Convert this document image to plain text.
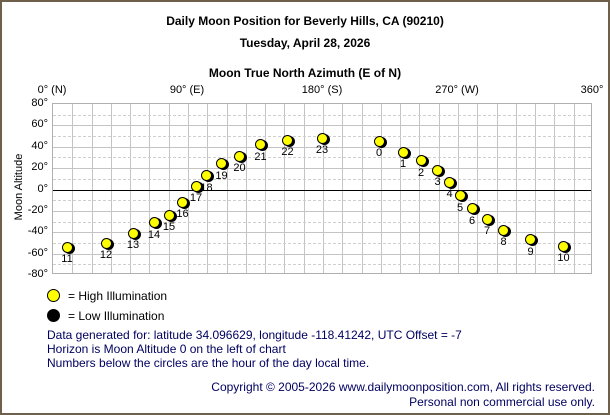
Daily Moon Position for Beverly Hills, CA (90210)
Tuesday, April 28, 2026
Moon True North Azimuth (E of N)
Moon Altitude
0° (N)	90° (E)	180° (S)	270° (W)	360°
80°
60°
40°
20°
0°
-20°
-40°
-60°
-80°
= High Illumination
= Low Illumination
Data generated for: latitude 34.096629, longitude -118.41242, UTC Offset = -7
Horizon is Moon Altitude 0 on the left of chart
Numbers below the circles are the hour of the day local time.
Copyright © 2005-2026 www.dailymoonposition.com, All rights reserved.
Personal non commercial use only.
0
1
2
3
4
5
6
7
8
9
10
11 12
13
14
15
16
17
18
19
20
21 22 23
